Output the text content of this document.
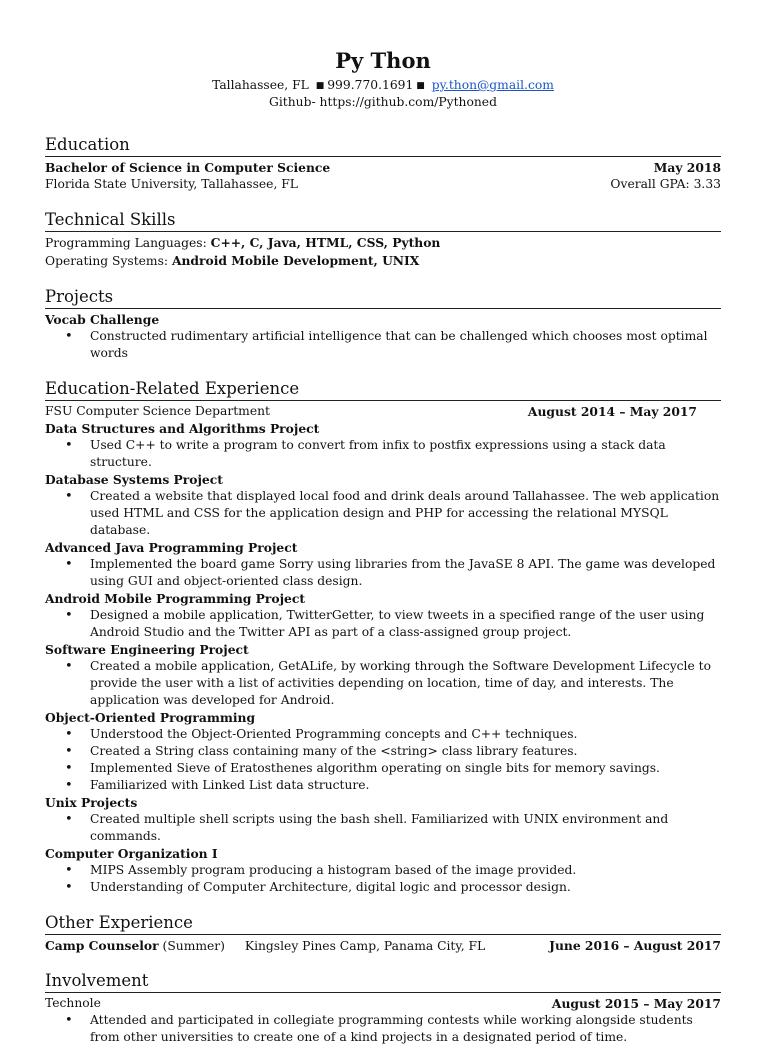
Py Thon
Tallahassee, FL ■ 999.770.1691 ■ py.thon@gmail.com
Github- https://github.com/Pythoned
Education
Bachelor of Science in Computer Science	May 2018
Florida State University, Tallahassee, FL	Overall GPA: 3.33
Technical Skills
Programming Languages: C++, C, Java, HTML, CSS, Python
Operating Systems: Android Mobile Development, UNIX
Projects
Vocab Challenge
• Constructed rudimentary artificial intelligence that can be challenged which chooses most optimal words
Education-Related Experience
FSU Computer Science Department	August 2014 – May 2017
Data Structures and Algorithms Project
• Used C++ to write a program to convert from infix to postfix expressions using a stack data structure.
Database Systems Project
• Created a website that displayed local food and drink deals around Tallahassee. The web application used HTML and CSS for the application design and PHP for accessing the relational MYSQL database.
Advanced Java Programming Project
• Implemented the board game Sorry using libraries from the JavaSE 8 API. The game was developed using GUI and object-oriented class design.
Android Mobile Programming Project
• Designed a mobile application, TwitterGetter, to view tweets in a specified range of the user using Android Studio and the Twitter API as part of a class-assigned group project.
Software Engineering Project
• Created a mobile application, GetALife, by working through the Software Development Lifecycle to provide the user with a list of activities depending on location, time of day, and interests. The application was developed for Android.
Object-Oriented Programming
• Understood the Object-Oriented Programming concepts and C++ techniques.
• Created a String class containing many of the <string> class library features.
• Implemented Sieve of Eratosthenes algorithm operating on single bits for memory savings.
• Familiarized with Linked List data structure.
Unix Projects
• Created multiple shell scripts using the bash shell. Familiarized with UNIX environment and commands.
Computer Organization I
• MIPS Assembly program producing a histogram based of the image provided.
• Understanding of Computer Architecture, digital logic and processor design.
Other Experience
Camp Counselor (Summer) Kingsley Pines Camp, Panama City, FL	June 2016 – August 2017
Involvement
Technole	August 2015 – May 2017
• Attended and participated in collegiate programming contests while working alongside students from other universities to create one of a kind projects in a designated period of time.
